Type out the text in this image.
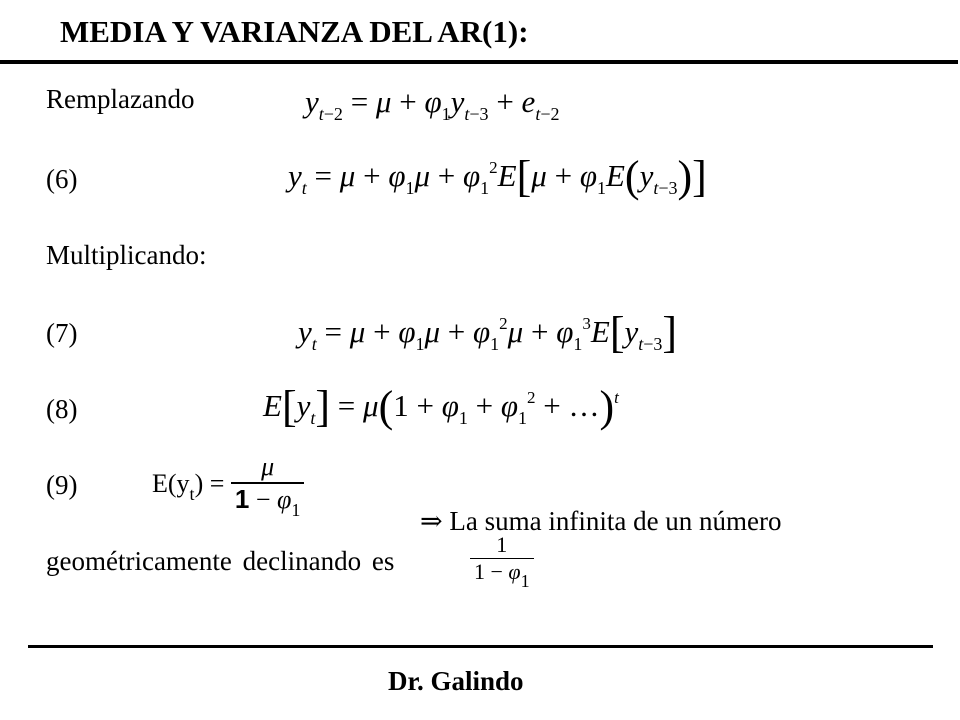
MEDIA Y VARIANZA DEL AR(1):
Remplazando	$y_{t-2} = \mu + \varphi_1y_{t-3} + e_{t-2}$
(6)	$y_t = \mu + \varphi_1\mu + \varphi_1^2E[\mu + \varphi_1E(y_{t-3})]$
Multiplicando:
(7)	$y_t = \mu + \varphi_1\mu + \varphi_1^2\mu + \varphi_1^3E[y_{t-3}]$
(8)	$E[y_t] = \mu(1 + \varphi_1 + \varphi_1^2$ + …)$^t$
(9)	$E(y_t) = \frac{\mu}{1 - \varphi_1}$
⇒ La suma infinita de un número
geométricamente declinando es	$\frac{1}{1 - \varphi_1}$
Dr. Galindo
